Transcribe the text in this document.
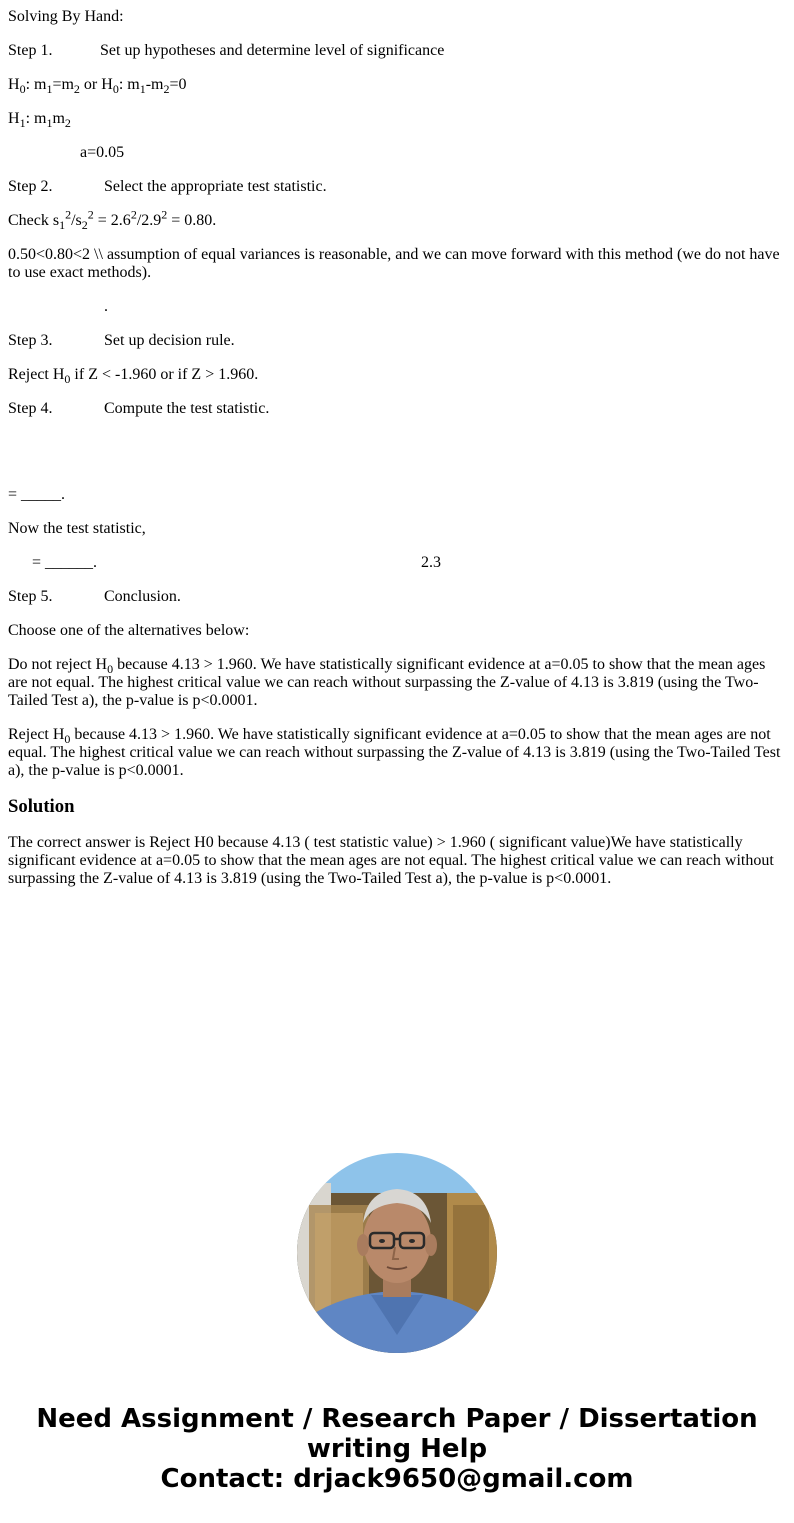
Solving By Hand:

Step 1.	Set up hypotheses and determine level of significance

$H_0$: $m_1=m_2$ or $H_0$: $m_1-m_2=0$

$H_1$: $m_1m_2$

a=0.05

Step 2.	Select the appropriate test statistic.

Check $s_1^2/s_2^2 = 2.6^2/2.9^2 = 0.80$.

0.50<0.80<2 \\ assumption of equal variances is reasonable, and we can move forward with this method (we do not have to use exact methods).

.

Step 3.	Set up decision rule.

Reject $H_0$ if Z < -1.960 or if Z > 1.960.

Step 4.	Compute the test statistic.

= _____.

Now the test statistic,

= ______.	2.3

Step 5.	Conclusion.

Choose one of the alternatives below:

Do not reject $H_0$ because 4.13 > 1.960. We have statistically significant evidence at a=0.05 to show that the mean ages are not equal. The highest critical value we can reach without surpassing the Z-value of 4.13 is 3.819 (using the Two-Tailed Test a), the p-value is p<0.0001.

Reject $H_0$ because 4.13 > 1.960. We have statistically significant evidence at a=0.05 to show that the mean ages are not equal. The highest critical value we can reach without surpassing the Z-value of 4.13 is 3.819 (using the Two-Tailed Test a), the p-value is p<0.0001.

Solution

The correct answer is Reject H0 because 4.13 ( test statistic value) > 1.960 ( significant value)We have statistically significant evidence at a=0.05 to show that the mean ages are not equal. The highest critical value we can reach without surpassing the Z-value of 4.13 is 3.819 (using the Two-Tailed Test a), the p-value is p<0.0001.

Need Assignment / Research Paper / Dissertation
writing Help
Contact: drjack9650@gmail.com
